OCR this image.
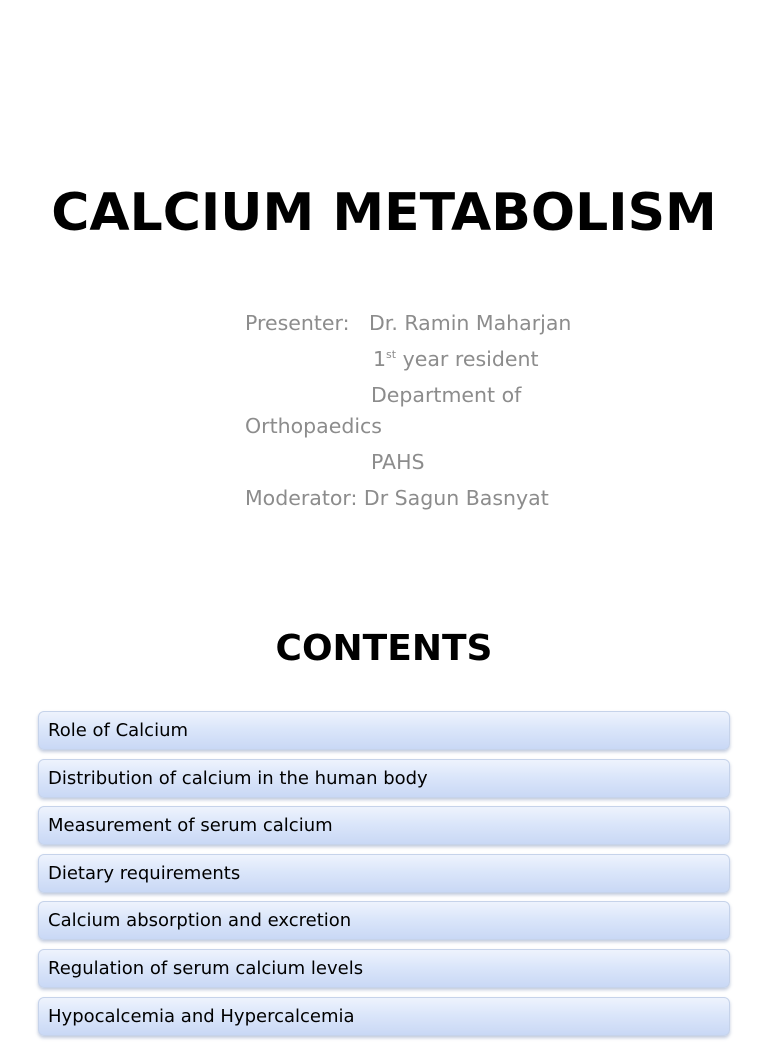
CALCIUM METABOLISM
Presenter: Dr. Ramin Maharjan
1st year resident
Department of
Orthopaedics
PAHS
Moderator: Dr Sagun Basnyat
CONTENTS
Role of Calcium
Distribution of calcium in the human body
Measurement of serum calcium
Dietary requirements
Calcium absorption and excretion
Regulation of serum calcium levels
Hypocalcemia and Hypercalcemia
